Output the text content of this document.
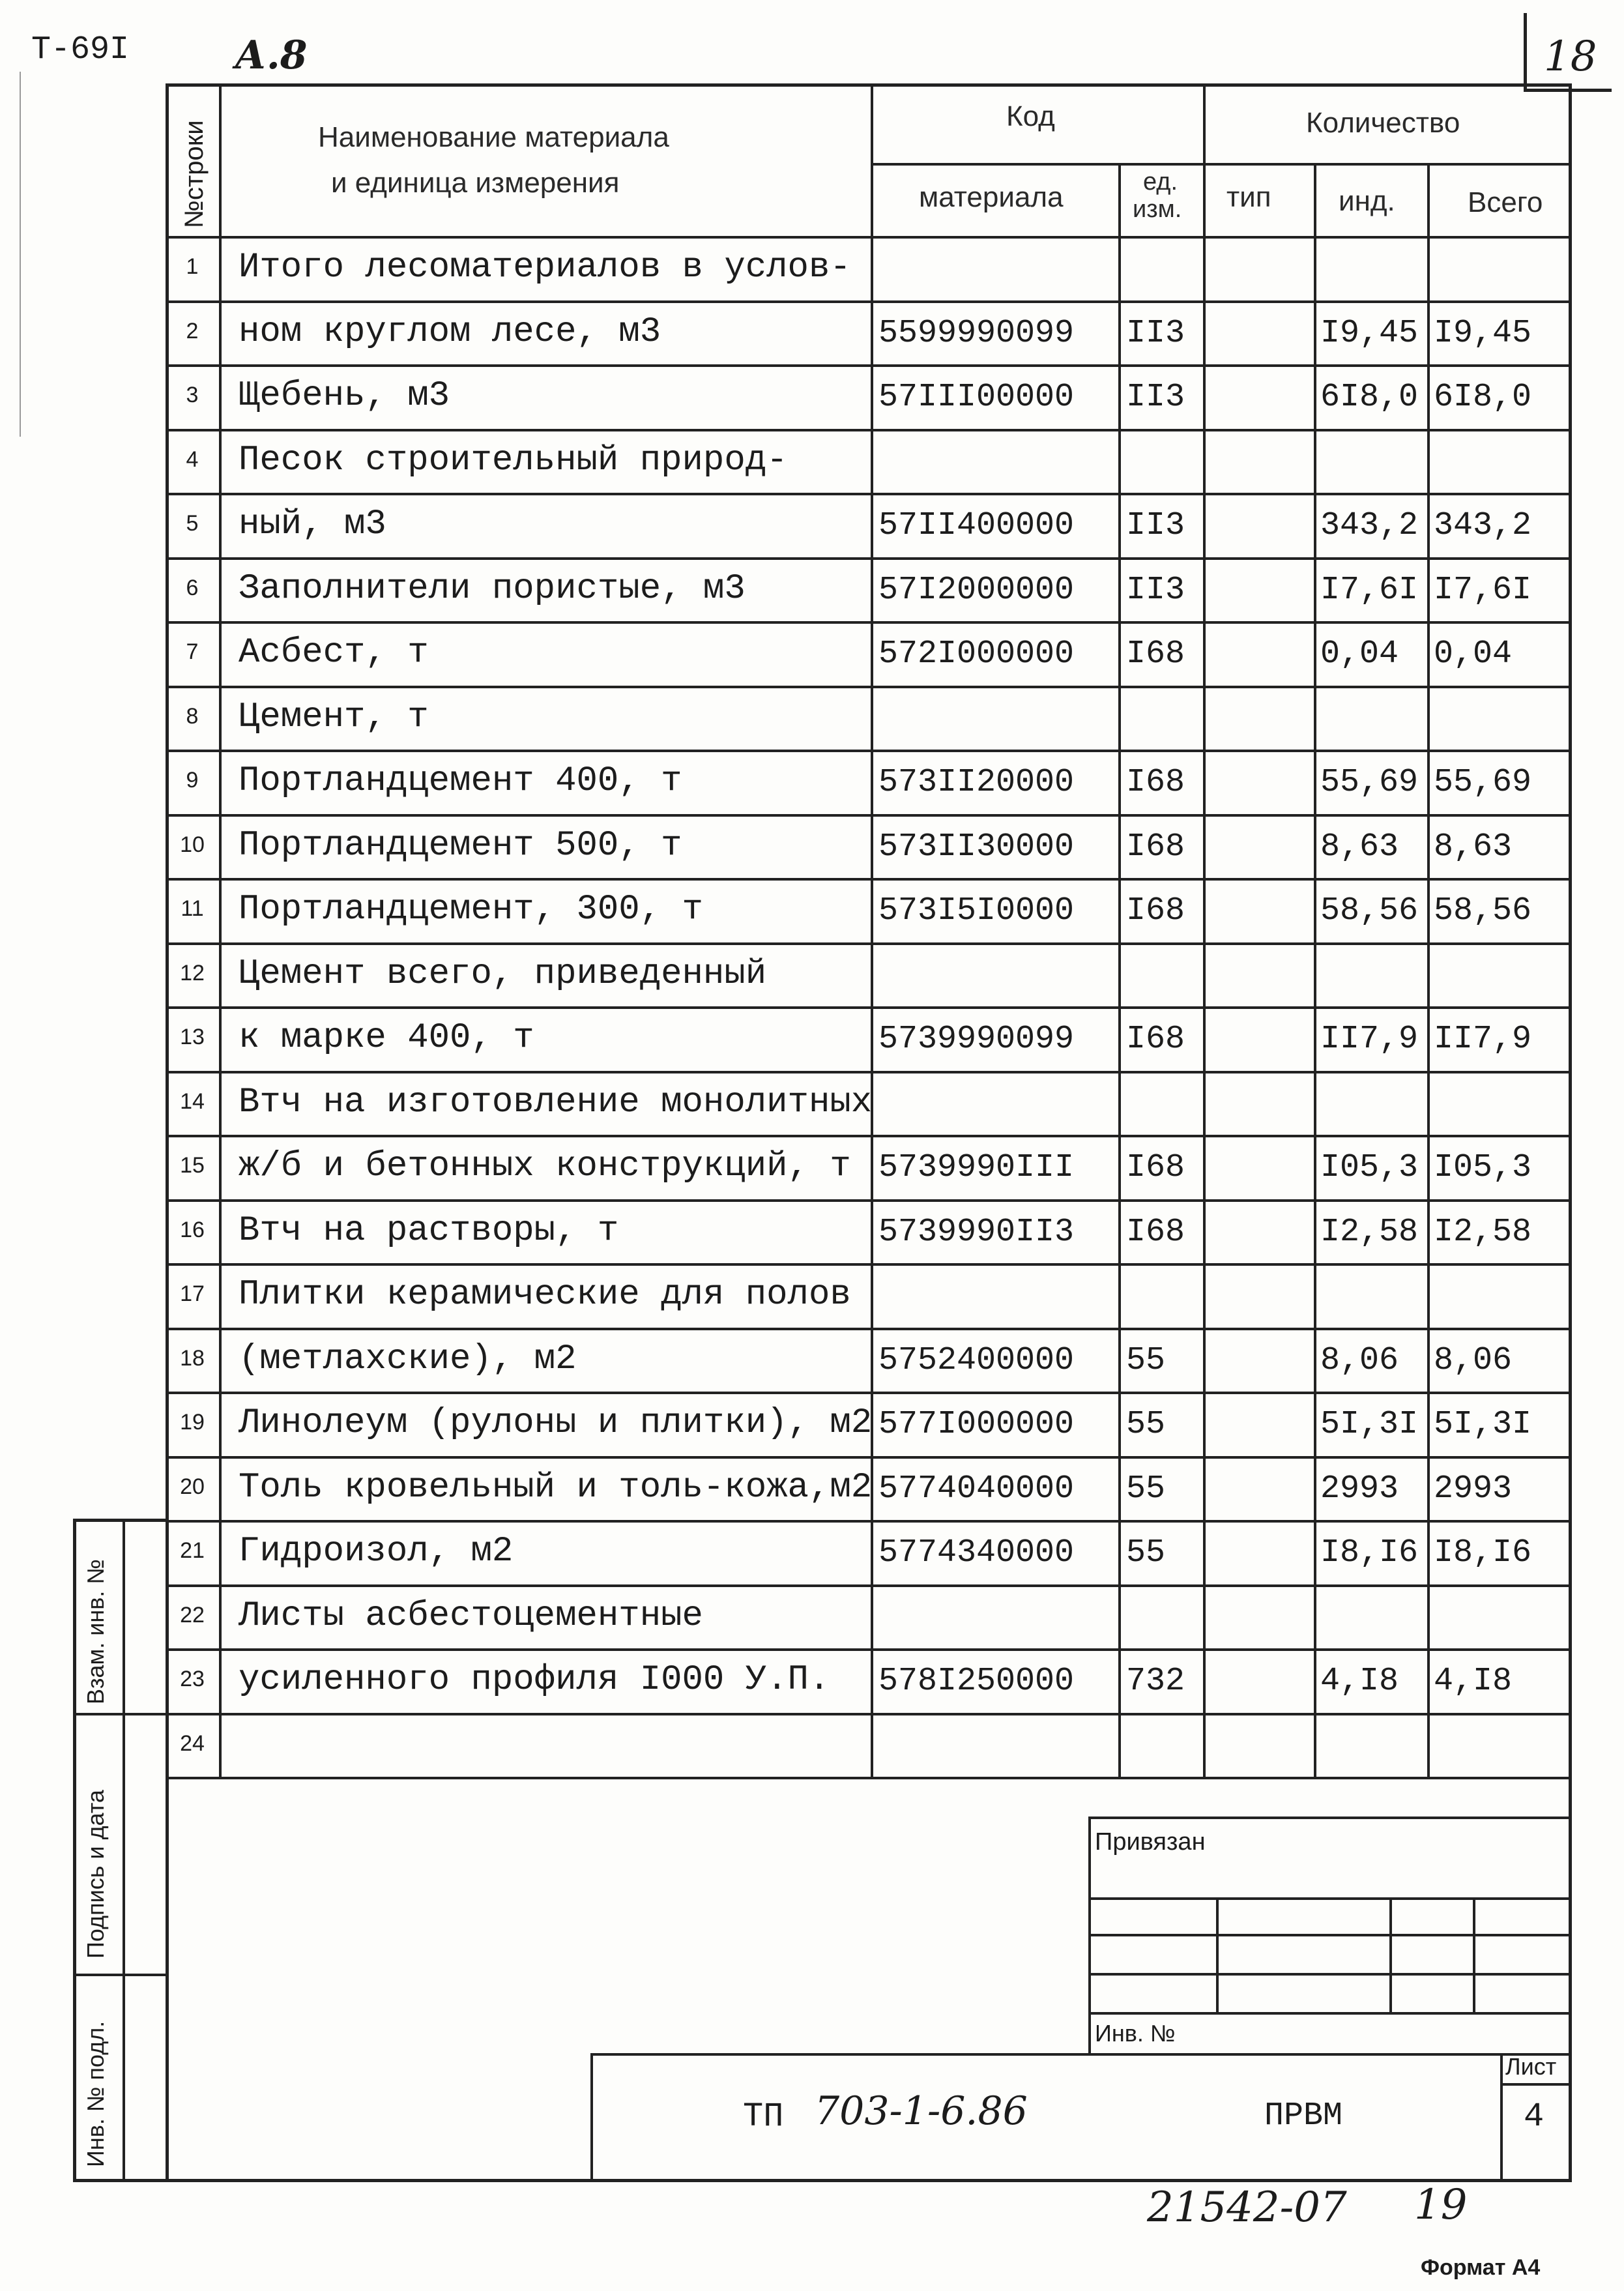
Т-69I	А.8	18
№строки	Наименование материала
и единица измерения
Код
материала	ед.
изм.
Количество
тип инд.	Всего
1	Итого лесоматериалов в услов-
2	ном круглом лесе, м3	5599990099 II3	I9,45 I9,45
3	Щебень, м3	57III00000 II3	6I8,0 6I8,0
4	Песок строительный природ-
5	ный, м3	57II400000 II3	343,2 343,2
6	Заполнители пористые, м3	57I2000000 II3	I7,6I I7,6I
7	Асбест, т	572I000000 I68	0,04 0,04
8	Цемент, т
9	Портландцемент 400, т	573II20000 I68	55,69 55,69
10 Портландцемент 500, т	573II30000 I68	8,63 8,63
11 Портландцемент, 300, т	573I5I0000 I68	58,56 58,56
12 Цемент всего, приведенный
13 к марке 400, т	5739990099 I68	II7,9 II7,9
14 Втч на изготовление монолитных
15 ж/б и бетонных конструкций, т 5739990III I68	I05,3 I05,3
16 Втч на растворы, т	5739990II3 I68	I2,58 I2,58
17 Плитки керамические для полов
18 (метлахские), м2	5752400000 55	8,06 8,06
19 Линолеум (рулоны и плитки), м2 577I000000 55	5I,3I 5I,3I
20 Толь кровельный и толь-кожа,м2 5774040000 55	2993 2993
21 Гидроизол, м2	5774340000 55	I8,I6 I8,I6
22 Листы асбестоцементные
23 усиленного профиля I000 У.П. 578I250000 732	4,I8 4,I8
24
Взам. инв. №
Подпись и дата
Инв. № подл.
Привязан
Инв. №
ТП 703-1-6.86	ПРВМ
Лист
4
21542-07 19
Формат А4
